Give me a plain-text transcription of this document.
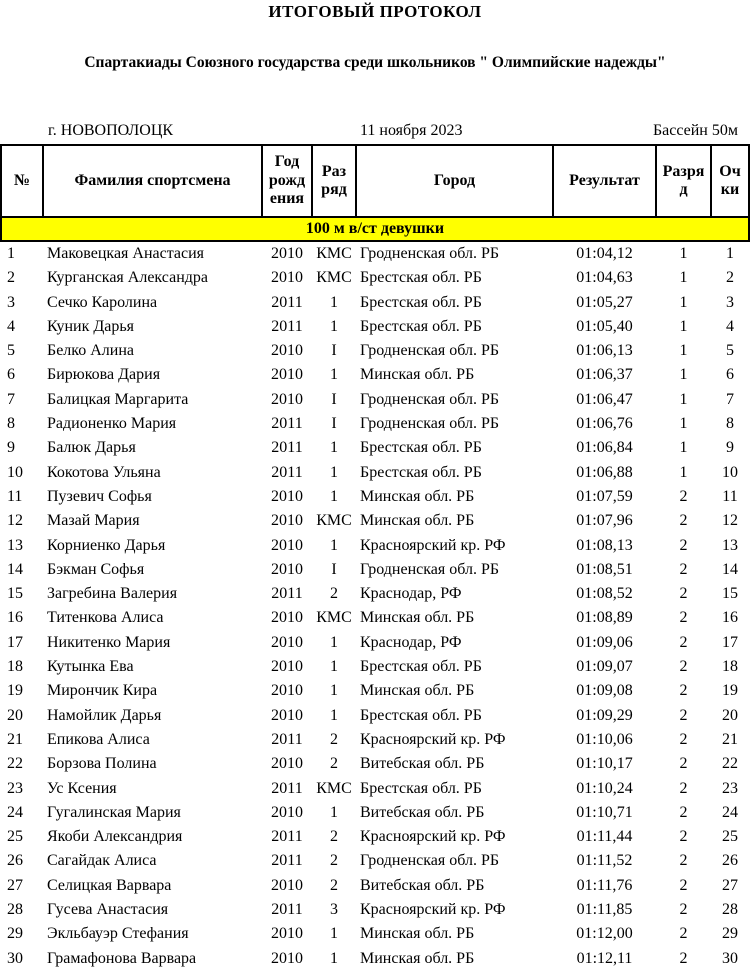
ИТОГОВЫЙ ПРОТОКОЛ
Спартакиады Союзного государства среди школьников " Олимпийские надежды"
г. НОВОПОЛОЦК	11 ноября 2023	Бассейн 50м
№	Фамилия спортсмена	Год рожд ения	Раз ряд	Город	Результат	Разря д	Оч ки
100 м в/ст девушки							
1	Маковецкая Анастасия	2010	КМС	Гродненская обл. РБ	01:04,12	1	1
2	Курганская Александра	2010	КМС	Брестская обл. РБ	01:04,63	1	2
3	Сечко Каролина	2011	1	Брестская обл. РБ	01:05,27	1	3
4	Куник Дарья	2011	1	Брестская обл. РБ	01:05,40	1	4
5	Белко Алина	2010	I	Гродненская обл. РБ	01:06,13	1	5
6	Бирюкова Дария	2010	1	Минская обл. РБ	01:06,37	1	6
7	Балицкая Маргарита	2010	I	Гродненская обл. РБ	01:06,47	1	7
8	Радионенко Мария	2011	I	Гродненская обл. РБ	01:06,76	1	8
9	Балюк Дарья	2011	1	Брестская обл. РБ	01:06,84	1	9
10	Кокотова Ульяна	2011	1	Брестская обл. РБ	01:06,88	1	10
11	Пузевич Софья	2010	1	Минская обл. РБ	01:07,59	2	11
12	Мазай Мария	2010	КМС	Минская обл. РБ	01:07,96	2	12
13	Корниенко Дарья	2010	1	Красноярский кр. РФ	01:08,13	2	13
14	Бэкман Софья	2010	I	Гродненская обл. РБ	01:08,51	2	14
15	Загребина Валерия	2011	2	Краснодар, РФ	01:08,52	2	15
16	Титенкова Алиса	2010	КМС	Минская обл. РБ	01:08,89	2	16
17	Никитенко Мария	2010	1	Краснодар, РФ	01:09,06	2	17
18	Кутынка Ева	2010	1	Брестская обл. РБ	01:09,07	2	18
19	Мирончик Кира	2010	1	Минская обл. РБ	01:09,08	2	19
20	Намойлик Дарья	2010	1	Брестская обл. РБ	01:09,29	2	20
21	Епикова Алиса	2011	2	Красноярский кр. РФ	01:10,06	2	21
22	Борзова Полина	2010	2	Витебская обл. РБ	01:10,17	2	22
23	Ус Ксения	2011	КМС	Брестская обл. РБ	01:10,24	2	23
24	Гугалинская Мария	2010	1	Витебская обл. РБ	01:10,71	2	24
25	Якоби Александрия	2011	2	Красноярский кр. РФ	01:11,44	2	25
26	Сагайдак Алиса	2011	2	Гродненская обл. РБ	01:11,52	2	26
27	Селицкая Варвара	2010	2	Витебская обл. РБ	01:11,76	2	27
28	Гусева Анастасия	2011	3	Красноярский кр. РФ	01:11,85	2	28
29	Экльбауэр Стефания	2010	1	Минская обл. РБ	01:12,00	2	29
30	Грамафонова Варвара	2010	1	Минская обл. РБ	01:12,11	2	30
